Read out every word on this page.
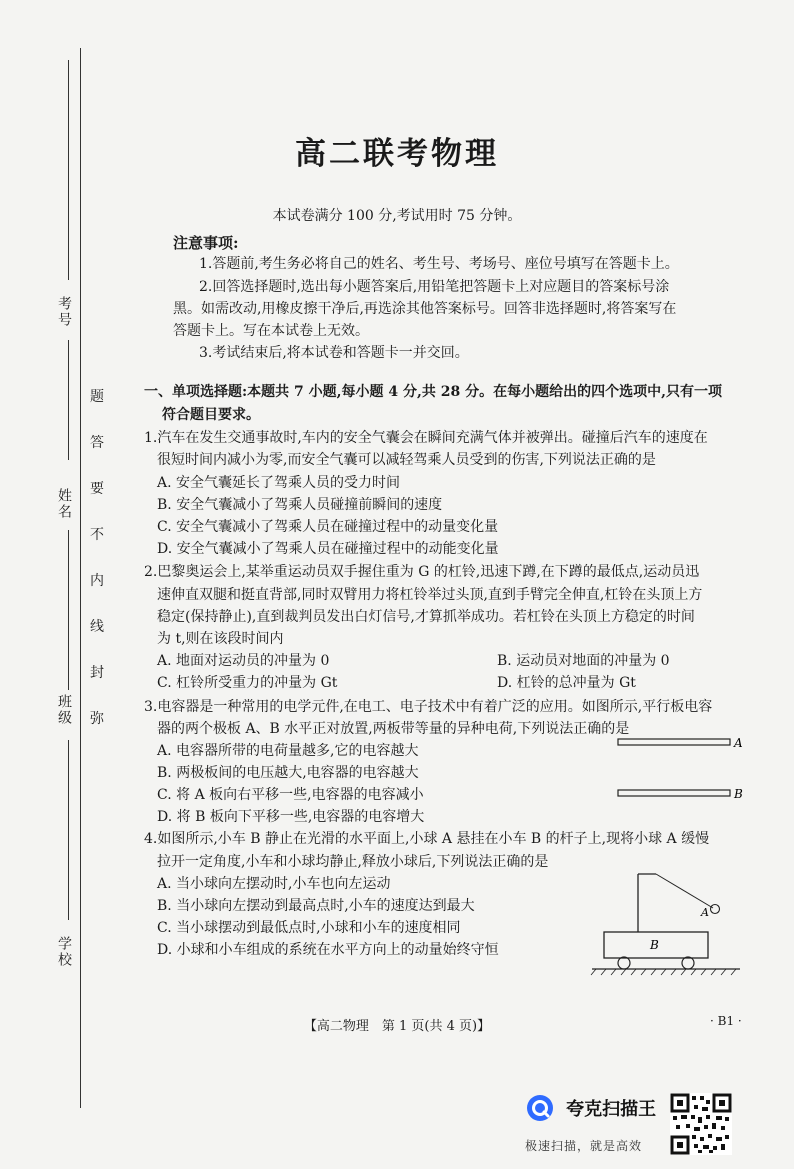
考号
姓名
班级
学校
题
答
要
不
内
线
封
弥
高二联考物理
本试卷满分 100 分,考试用时 75 分钟。
注意事项:
1.答题前,考生务必将自己的姓名、考生号、考场号、座位号填写在答题卡上。
2.回答选择题时,选出每小题答案后,用铅笔把答题卡上对应题目的答案标号涂
黑。如需改动,用橡皮擦干净后,再选涂其他答案标号。回答非选择题时,将答案写在
答题卡上。写在本试卷上无效。
3.考试结束后,将本试卷和答题卡一并交回。
一、单项选择题:本题共 7 小题,每小题 4 分,共 28 分。在每小题给出的四个选项中,只有一项
符合题目要求。
1.汽车在发生交通事故时,车内的安全气囊会在瞬间充满气体并被弹出。碰撞后汽车的速度在
很短时间内减小为零,而安全气囊可以减轻驾乘人员受到的伤害,下列说法正确的是
A. 安全气囊延长了驾乘人员的受力时间
B. 安全气囊减小了驾乘人员碰撞前瞬间的速度
C. 安全气囊减小了驾乘人员在碰撞过程中的动量变化量
D. 安全气囊减小了驾乘人员在碰撞过程中的动能变化量
2.巴黎奥运会上,某举重运动员双手握住重为 G 的杠铃,迅速下蹲,在下蹲的最低点,运动员迅
速伸直双腿和挺直背部,同时双臂用力将杠铃举过头顶,直到手臂完全伸直,杠铃在头顶上方
稳定(保持静止),直到裁判员发出白灯信号,才算抓举成功。若杠铃在头顶上方稳定的时间
为 t,则在该段时间内
A. 地面对运动员的冲量为 0	B. 运动员对地面的冲量为 0
C. 杠铃所受重力的冲量为 Gt	D. 杠铃的总冲量为 Gt
3.电容器是一种常用的电学元件,在电工、电子技术中有着广泛的应用。如图所示,平行板电容
器的两个极板 A、B 水平正对放置,两板带等量的异种电荷,下列说法正确的是
A. 电容器所带的电荷量越多,它的电容越大
B. 两极板间的电压越大,电容器的电容越大
C. 将 A 板向右平移一些,电容器的电容减小
D. 将 B 板向下平移一些,电容器的电容增大
A
B
4.如图所示,小车 B 静止在光滑的水平面上,小球 A 悬挂在小车 B 的杆子上,现将小球 A 缓慢
拉开一定角度,小车和小球均静止,释放小球后,下列说法正确的是
A. 当小球向左摆动时,小车也向左运动
B. 当小球向左摆动到最高点时,小车的速度达到最大
C. 当小球摆动到最低点时,小球和小车的速度相同
D. 小球和小车组成的系统在水平方向上的动量始终守恒
A
B
【高二物理　第 1 页(共 4 页)】	· B1 ·
夸克扫描王
极速扫描，就是高效
